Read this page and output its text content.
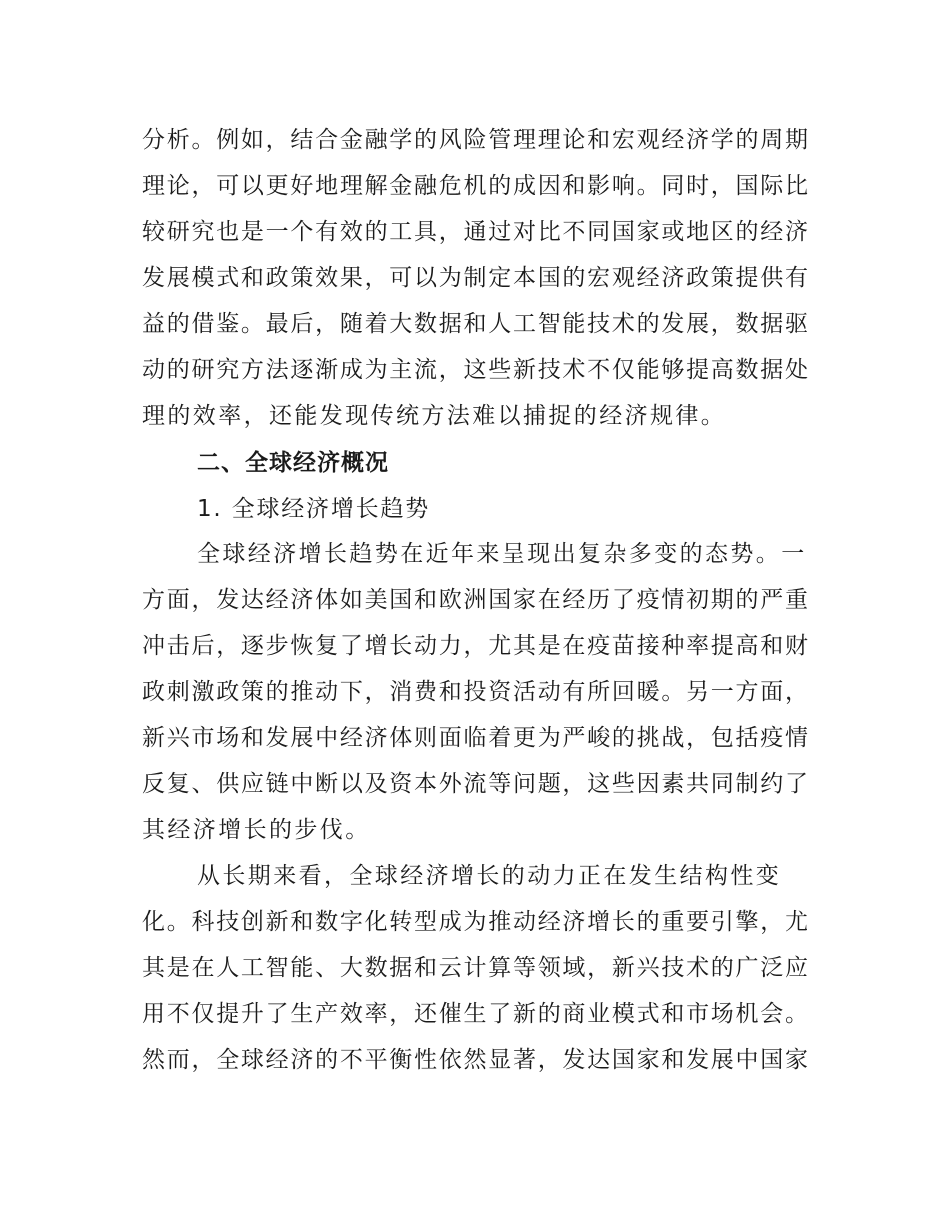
分析。例如，结合金融学的风险管理理论和宏观经济学的周期
理论，可以更好地理解金融危机的成因和影响。同时，国际比
较研究也是一个有效的工具，通过对比不同国家或地区的经济
发展模式和政策效果，可以为制定本国的宏观经济政策提供有
益的借鉴。最后，随着大数据和人工智能技术的发展，数据驱
动的研究方法逐渐成为主流，这些新技术不仅能够提高数据处
理的效率，还能发现传统方法难以捕捉的经济规律。
二、全球经济概况
1. 全球经济增长趋势
全球经济增长趋势在近年来呈现出复杂多变的态势。一
方面，发达经济体如美国和欧洲国家在经历了疫情初期的严重
冲击后，逐步恢复了增长动力，尤其是在疫苗接种率提高和财
政刺激政策的推动下，消费和投资活动有所回暖。另一方面，
新兴市场和发展中经济体则面临着更为严峻的挑战，包括疫情
反复、供应链中断以及资本外流等问题，这些因素共同制约了
其经济增长的步伐。
从长期来看，全球经济增长的动力正在发生结构性变
化。科技创新和数字化转型成为推动经济增长的重要引擎，尤
其是在人工智能、大数据和云计算等领域，新兴技术的广泛应
用不仅提升了生产效率，还催生了新的商业模式和市场机会。
然而，全球经济的不平衡性依然显著，发达国家和发展中国家
